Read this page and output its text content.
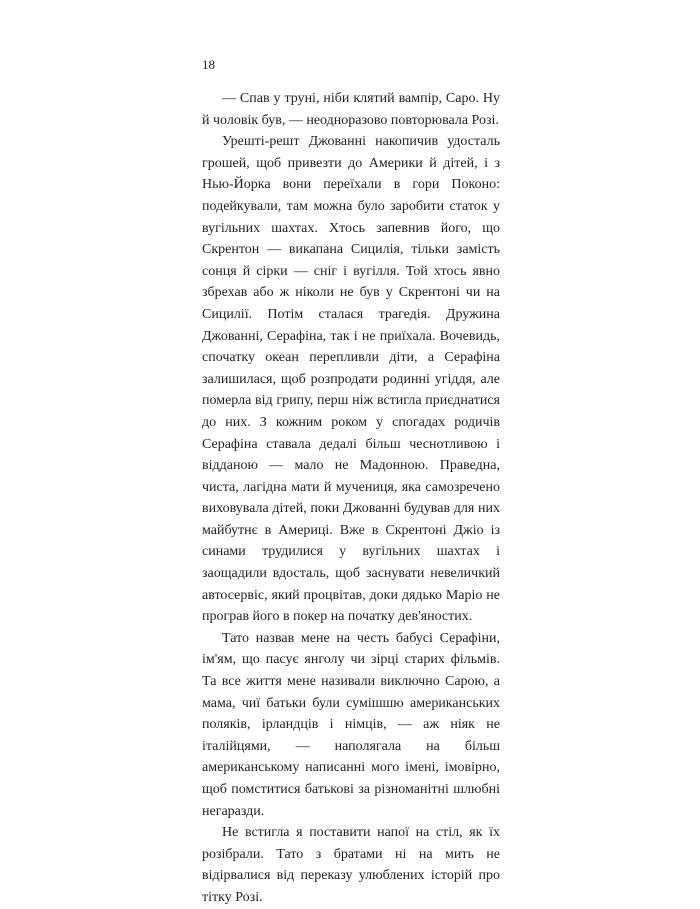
18

— Спав у труні, ніби клятий вампір, Саро. Ну й чоловік був, — неодноразово повторювала Розі.

Урешті-решт Джованні накопичив удосталь грошей, щоб привезти до Америки й дітей, і з Нью-Йорка вони переїхали в гори Поконо: подейкували, там можна було заробити статок у вугільних шахтах. Хтось запевнив його, що Скрентон — викапана Сицилія, тільки замість сонця й сірки — сніг і вугілля. Той хтось явно збрехав або ж ніколи не був у Скрентоні чи на Сицилії. Потім сталася трагедія. Дружина Джованні, Серафіна, так і не приїхала. Вочевидь, спочатку океан перепливли діти, а Серафіна залишилася, щоб розпродати родинні угіддя, але померла від грипу, перш ніж встигла приєднатися до них. З кожним роком у спогадах родичів Серафіна ставала дедалі більш чеснотливою і відданою — мало не Мадонною. Праведна, чиста, лагідна мати й мучениця, яка самозречено виховувала дітей, поки Джованні будував для них майбутнє в Америці. Вже в Скрентоні Джіо із синами трудилися у вугільних шахтах і заощадили вдосталь, щоб заснувати невеличкий автосервіс, який процвітав, доки дядько Маріо не програв його в покер на початку дев'яностих.

Тато назвав мене на честь бабусі Серафіни, ім'ям, що пасує янголу чи зірці старих фільмів. Та все життя мене називали виключно Сарою, а мама, чиї батьки були сумішшю американських поляків, ірландців і німців, — аж ніяк не італійцями, — наполягала на більш американському написанні мого імені, імовірно, щоб помститися батькові за різноманітні шлюбні негаразди.

Не встигла я поставити напої на стіл, як їх розібрали. Тато з братами ні на мить не відірвалися від переказу улюблених історій про тітку Розі.
